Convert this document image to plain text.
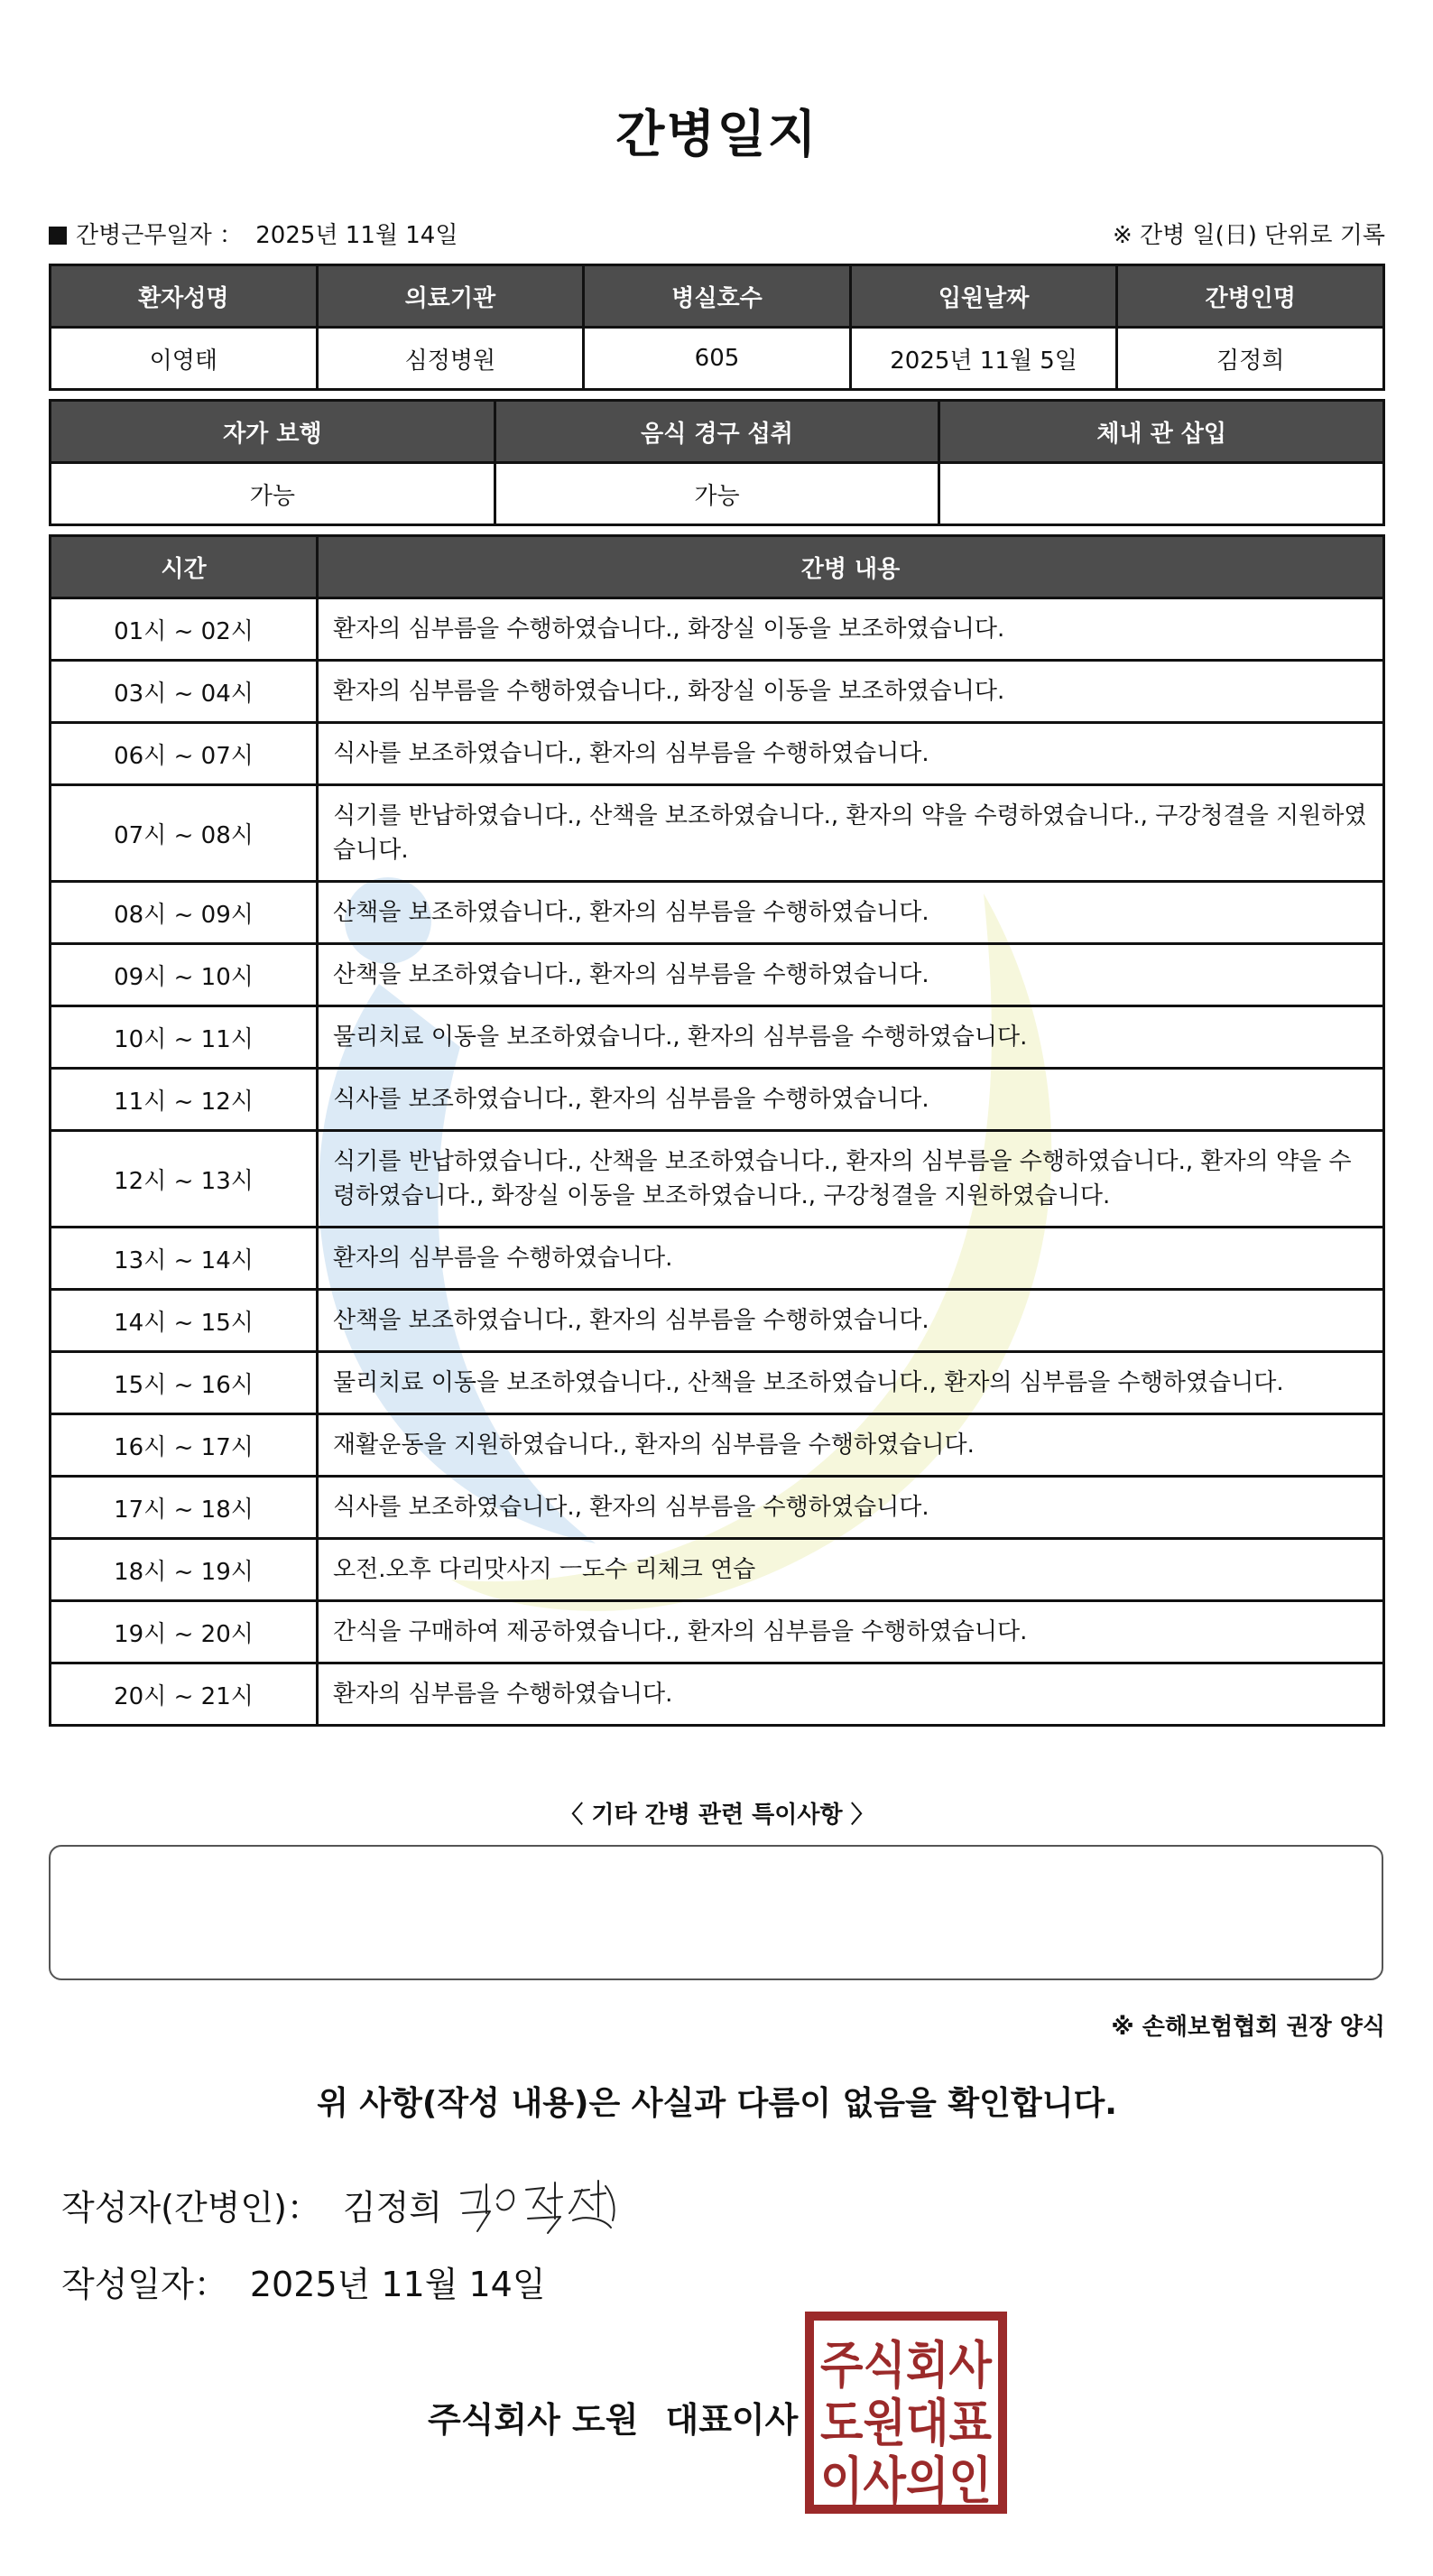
간병일지
간병근무일자 ： 2025년 11월 14일	※ 간병 일(日) 단위로 기록
환자성명	의료기관	병실호수	입원날짜	간병인명
이영태	심정병원	605	2025년 11월 5일	김정희
자가 보행	음식 경구 섭취	체내 관 삽입
가능	가능	
시간	간병 내용
01시 ~ 02시	환자의 심부름을 수행하였습니다., 화장실 이동을 보조하였습니다.
03시 ~ 04시	환자의 심부름을 수행하였습니다., 화장실 이동을 보조하였습니다.
06시 ~ 07시	식사를 보조하였습니다., 환자의 심부름을 수행하였습니다.
07시 ~ 08시	식기를 반납하였습니다., 산책을 보조하였습니다., 환자의 약을 수령하였습니다., 구강청결을 지원하였습니다.
08시 ~ 09시	산책을 보조하였습니다., 환자의 심부름을 수행하였습니다.
09시 ~ 10시	산책을 보조하였습니다., 환자의 심부름을 수행하였습니다.
10시 ~ 11시	물리치료 이동을 보조하였습니다., 환자의 심부름을 수행하였습니다.
11시 ~ 12시	식사를 보조하였습니다., 환자의 심부름을 수행하였습니다.
12시 ~ 13시	식기를 반납하였습니다., 산책을 보조하였습니다., 환자의 심부름을 수행하였습니다., 환자의 약을 수령하였습니다., 화장실 이동을 보조하였습니다., 구강청결을 지원하였습니다.
13시 ~ 14시	환자의 심부름을 수행하였습니다.
14시 ~ 15시	산책을 보조하였습니다., 환자의 심부름을 수행하였습니다.
15시 ~ 16시	물리치료 이동을 보조하였습니다., 산책을 보조하였습니다., 환자의 심부름을 수행하였습니다.
16시 ~ 17시	재활운동을 지원하였습니다., 환자의 심부름을 수행하였습니다.
17시 ~ 18시	식사를 보조하였습니다., 환자의 심부름을 수행하였습니다.
18시 ~ 19시	오전.오후 다리맛사지 ㅡ도수 리체크 연습
19시 ~ 20시	간식을 구매하여 제공하였습니다., 환자의 심부름을 수행하였습니다.
20시 ~ 21시	환자의 심부름을 수행하였습니다.
〈 기타 간병 관련 특이사항 〉
※ 손해보험협회 권장 양식
위 사항(작성 내용)은 사실과 다름이 없음을 확인합니다.
작성자(간병인)： 김정희
작성일자： 2025년 11월 14일
주식회사 도원 대표이사
주식회사
도원대표
이사의인
